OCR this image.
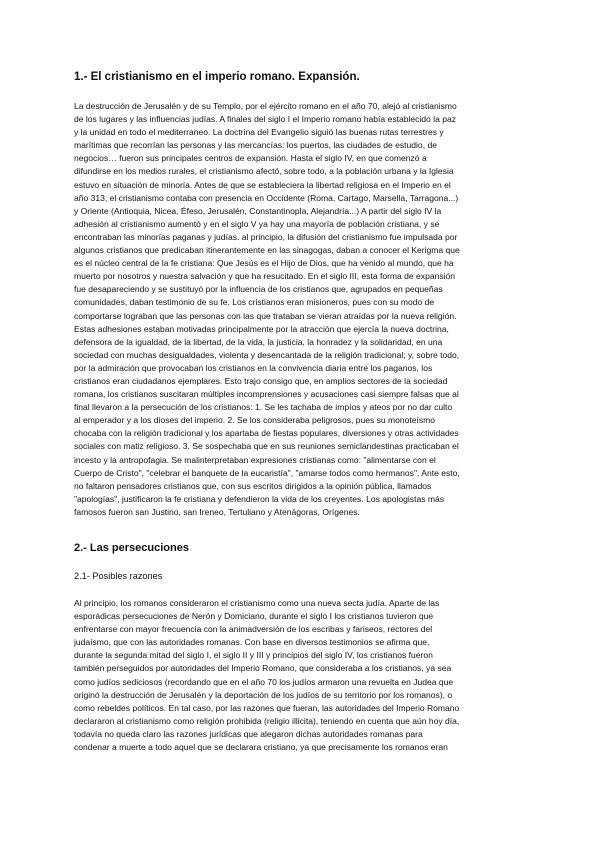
1.- El cristianismo en el imperio romano. Expansión.
La destrucción de Jerusalén y de su Templo, por el ejército romano en el año 70, alejó al cristianismo
de los lugares y las influencias judías. A finales del siglo I el Imperio romano había establecido la paz
y la unidad en todo el mediterraneo. La doctrina del Evangelio siguió las buenas rutas terrestres y
marítimas que recorrían las personas y las mercancías: los puertos, las ciudades de estudio, de
negocios… fueron sus principales centros de expansión. Hasta el siglo IV, en que comenzó a
difundirse en los medios rurales, el cristianismo afectó, sobre todo, a la población urbana y la Iglesia
estuvo en situación de minoría. Antes de que se estableciera la libertad religiosa en el Imperio en el
año 313, el cristianismo contaba con presencia en Occidente (Roma, Cartago, Marsella, Tarragona...)
y Oriente (Antioquia, Nicea, Éfeso, Jerusalén, Constantinopla, Alejandría...) A partir del siglo IV la
adhesión al cristianismo aumentó y en el siglo V ya hay una mayoría de población cristiana, y se
encontraban las minorías paganas y judías. al principio, la difusión del cristianismo fue impulsada por
algunos cristianos que predicaban itinerantemente en las sinagogas, daban a conocer el Kerigma que
es el núcleo central de la fe cristiana: Que Jesús es el Hijo de Dios, que ha venido al mundo, que ha
muerto por nosotros y nuestra salvación y que ha resucitado. En el siglo III, esta forma de expansión
fue desapareciendo y se sustituyó por la influencia de los cristianos que, agrupados en pequeñas
comunidades, daban testimonio de su fe. Los cristianos eran misioneros, pues con su modo de
comportarse lograban que las personas con las que trataban se vieran atraídas por la nueva religión.
Estas adhesiones estaban motivadas principalmente por la atracción que ejercía la nueva doctrina,
defensora de la igualdad, de la libertad, de la vida, la justicia, la honradez y la solidaridad, en una
sociedad con muchas desigualdades, violenta y desencantada de la religión tradicional; y, sobre todo,
por la admiración que provocaban los cristianos en la convivencia diaria entre los paganos, los
cristianos eran ciudadanos ejemplares. Esto trajo consigo que, en amplios sectores de la sociedad
romana, los cristianos suscitaran múltiples incomprensiones y acusaciones casi siempre falsas que al
final llevaron a la persecución de los cristianos: 1. Se les tachaba de impíos y ateos por no dar culto
al emperador y a los dioses del imperio. 2. Se los consideraba peligrosos, pues su monoteísmo
chocaba con la religión tradicional y los apartaba de fiestas populares, diversiones y otras actividades
sociales con matiz religioso. 3. Se sospechaba que en sus reuniones semiclandestinas practicaban el
incesto y la antropofagia. Se malinterpretaban expresiones cristianas como: "alimentarse con el
Cuerpo de Cristo", "celebrar el banquete de la eucaristía", "amarse todos como hermanos". Ante esto,
no faltaron pensadores cristianos que, con sus escritos dirigidos a la opinión pública, llamados
"apologías", justificaron la fe cristiana y defendieron la vida de los creyentes. Los apologistas más
famosos fueron san Justino, san Ireneo, Tertuliano y Atenágoras, Orígenes.
2.- Las persecuciones
2.1- Posibles razones
Al principio, los romanos consideraron el cristianismo como una nueva secta judía. Aparte de las
esporádicas persecuciones de Nerón y Domiciano, durante el siglo I los cristianos tuvieron que
enfrentarse con mayor frecuencia con la animadversión de los escribas y fariseos, rectores del
judaísmo, que con las autoridades romanas. Con base en diversos testimonios se afirma que,
durante la segunda mitad del siglo I, el siglo II y III y principios del siglo IV, los cristianos fueron
también perseguidos por autoridades del Imperio Romano, que consideraba a los cristianos, ya sea
como judíos sediciosos (recordando que en el año 70 los judíos armaron una revuelta en Judea que
originó la destrucción de Jerusalén y la deportación de los judíos de su territorio por los romanos), o
como rebeldes políticos. En tal caso, por las razones que fueran, las autoridades del Imperio Romano
declararon al cristianismo como religión prohibida (religio illicita), teniendo en cuenta que aún hoy día,
todavía no queda claro las razones jurídicas que alegaron dichas autoridades romanas para
condenar a muerte a todo aquel que se declarara cristiano, ya que precisamente los romanos eran
